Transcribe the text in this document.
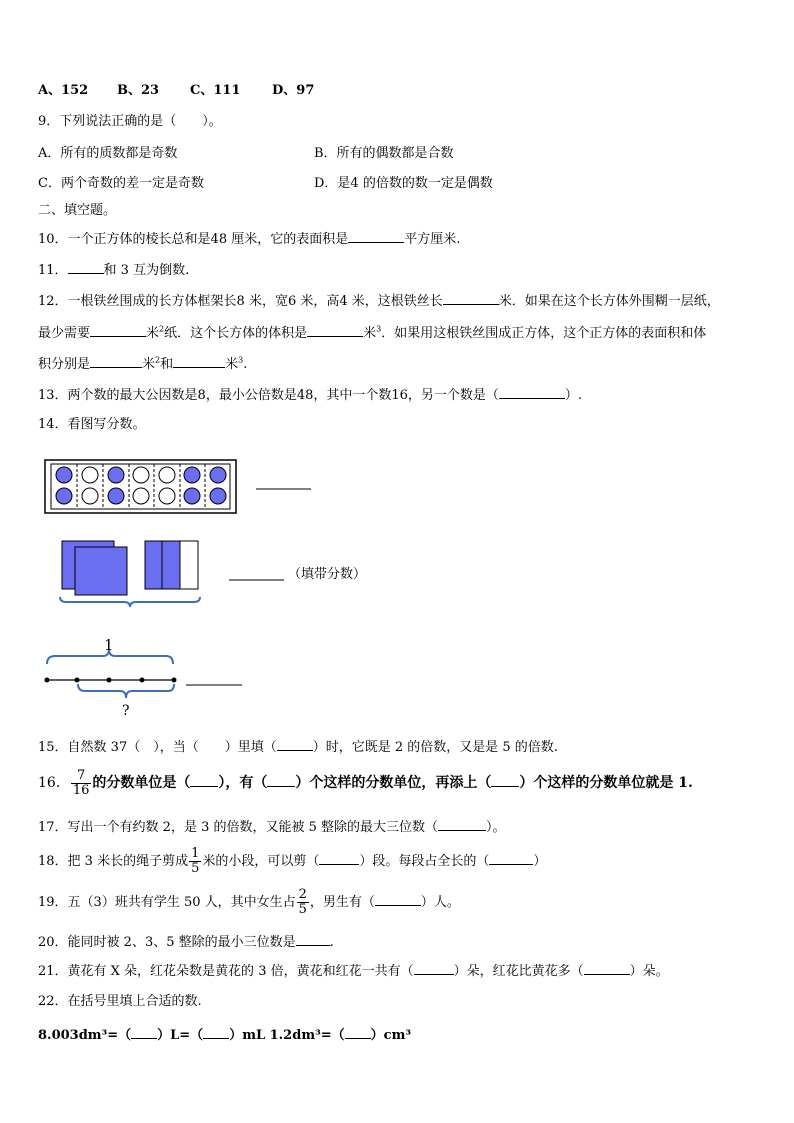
A、152 B、23 C、111 D、97
9．下列说法正确的是（　　）。
A．所有的质数都是奇数	B．所有的偶数都是合数
C．两个奇数的差一定是奇数	D．是4 的倍数的数一定是偶数
二、填空题。
10．一个正方体的棱长总和是48 厘米，它的表面积是	平方厘米.
11．	和 3 互为倒数.
12．一根铁丝围成的长方体框架长8 米，宽6 米，高4 米，这根铁丝长	米．如果在这个长方体外围糊一层纸，
最少需要	米$^2$纸．这个长方体的体积是	米$^3$．如果用这根铁丝围成正方体，这个正方体的表面积和体
积分别是	米$^2$和	米$^3$.
13．两个数的最大公因数是8，最小公倍数是48，其中一个数16，另一个数是（	）.
14．看图写分数。
（填带分数）
1
?
15．自然数 37（　），当（　　）里填（	）时，它既是 2 的倍数，又是是 5 的倍数.
16． $\frac{7}{16}$ 的分数单位是（ ），有（ ）个这样的分数单位，再添上（ ）个这样的分数单位就是 1.
17．写出一个有约数 2，是 3 的倍数，又能被 5 整除的最大三位数（	）。
18．把 3 米长的绳子剪成 $\frac{1}{5}$ 米的小段，可以剪（	）段。每段占全长的（	）
19．五（3）班共有学生 50 人，其中女生占 $\frac{2}{5}$ ，男生有（	）人。
20．能同时被 2、3、5 整除的最小三位数是	.
21．黄花有 X 朵，红花朵数是黄花的 3 倍，黄花和红花一共有（	）朵，红花比黄花多（	）朵。
22．在括号里填上合适的数.
8.003dm³=（ ）L=（ ）mL 1.2dm³=（ ）cm³
